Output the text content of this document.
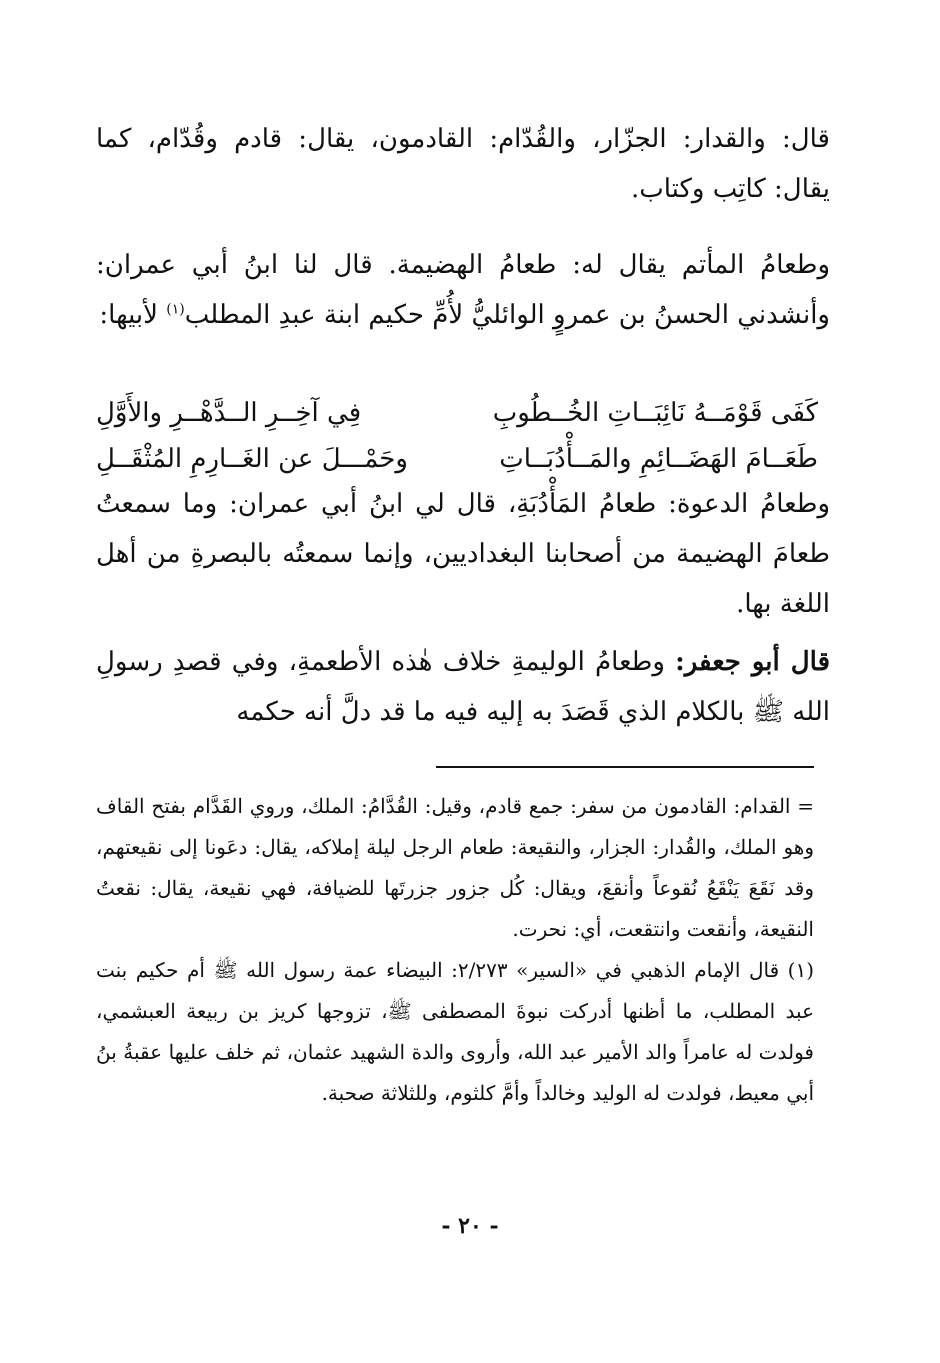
قال: والقدار: الجزّار، والقُدّام: القادمون، يقال: قادم وقُدّام، كما يقال: كاتِب وكتاب.

وطعامُ المأتم يقال له: طعامُ الهضيمة. قال لنا ابنُ أبي عمران: وأنشدني الحسنُ بن عمروٍ الوائليُّ لأُمِّ حكيم ابنة عبدِ المطلب$^{(١)}$ لأبيها:

كَفَى قَوْمَــهُ نَائِبَــاتِ الخُــطُوبِ
فِي آخِــرِ الــدَّهْــرِ والأَوَّلِ
طَعَــامَ الهَضَــائِمِ والمَــأْدُبَــاتِ
وحَمْـــلَ عن الغَــارِمِ المُثْقَــلِ

وطعامُ الدعوة: طعامُ المَأْدُبَةِ، قال لي ابنُ أبي عمران: وما سمعتُ طعامَ الهضيمة من أصحابنا البغداديين، وإنما سمعتُه بالبصرةِ من أهل اللغة بها.

قال أبو جعفر: وطعامُ الوليمةِ خلاف هٰذه الأطعمةِ، وفي قصدِ رسولِ الله ﷺ بالكلام الذي قَصَدَ به إليه فيه ما قد دلَّ أنه حكمه

= القدام: القادمون من سفر: جمع قادم، وقيل: القُدَّامُ: الملك، وروي القَدَّام بفتح القاف وهو الملك، والقُدار: الجزار، والنقيعة: طعام الرجل ليلة إملاكه، يقال: دعَونا إلى نقيعتهم، وقد نَقَعَ يَنْقَعُ نُقوعاً وأنقعَ، ويقال: كُل جزور جزرتَها للضيافة، فهي نقيعة، يقال: نقعتُ النقيعة، وأنقعت وانتقعت، أي: نحرت.

(١) قال الإمام الذهبي في «السير» ٢/٢٧٣: البيضاء عمة رسول الله ﷺ أم حكيم بنت عبد المطلب، ما أظنها أدركت نبوةَ المصطفى ﷺ، تزوجها كريز بن ربيعة العبشمي، فولدت له عامراً والد الأمير عبد الله، وأروى والدة الشهيد عثمان، ثم خلف عليها عقبةُ بنُ أبي معيط، فولدت له الوليد وخالداً وأمَّ كلثوم، وللثلاثة صحبة.

- ٢٠ -
